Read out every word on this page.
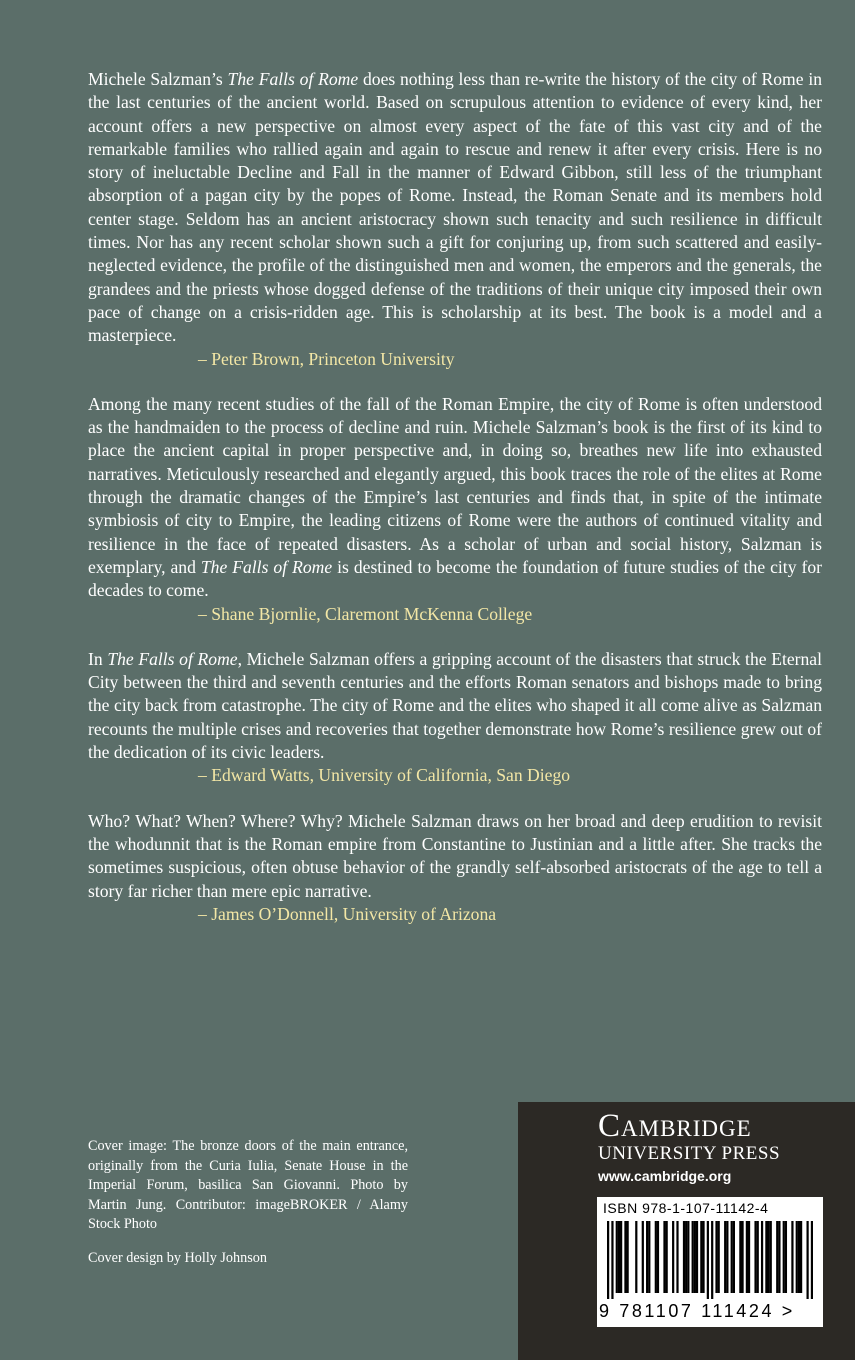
Michele Salzman’s The Falls of Rome does nothing less than re-write the history of the city of Rome in the last centuries of the ancient world. Based on scrupulous attention to evidence of every kind, her account offers a new perspective on almost every aspect of the fate of this vast city and of the remarkable families who rallied again and again to rescue and renew it after every crisis. Here is no story of ineluctable Decline and Fall in the manner of Edward Gibbon, still less of the triumphant absorption of a pagan city by the popes of Rome. Instead, the Roman Senate and its members hold center stage. Seldom has an ancient aristocracy shown such tenacity and such resilience in difficult times. Nor has any recent scholar shown such a gift for conjuring up, from such scattered and easily-neglected evidence, the profile of the distinguished men and women, the emperors and the generals, the grandees and the priests whose dogged defense of the traditions of their unique city imposed their own pace of change on a crisis-ridden age. This is scholarship at its best. The book is a model and a masterpiece.

– Peter Brown, Princeton University

Among the many recent studies of the fall of the Roman Empire, the city of Rome is often understood as the handmaiden to the process of decline and ruin. Michele Salzman’s book is the first of its kind to place the ancient capital in proper perspective and, in doing so, breathes new life into exhausted narratives. Meticulously researched and elegantly argued, this book traces the role of the elites at Rome through the dramatic changes of the Empire’s last centuries and finds that, in spite of the intimate symbiosis of city to Empire, the leading citizens of Rome were the authors of continued vitality and resilience in the face of repeated disasters. As a scholar of urban and social history, Salzman is exemplary, and The Falls of Rome is destined to become the foundation of future studies of the city for decades to come.

– Shane Bjornlie, Claremont McKenna College

In The Falls of Rome, Michele Salzman offers a gripping account of the disasters that struck the Eternal City between the third and seventh centuries and the efforts Roman senators and bishops made to bring the city back from catastrophe. The city of Rome and the elites who shaped it all come alive as Salzman recounts the multiple crises and recoveries that together demonstrate how Rome’s resilience grew out of the dedication of its civic leaders.

– Edward Watts, University of California, San Diego

Who? What? When? Where? Why? Michele Salzman draws on her broad and deep erudition to revisit the whodunnit that is the Roman empire from Constantine to Justinian and a little after. She tracks the sometimes suspicious, often obtuse behavior of the grandly self-absorbed aristocrats of the age to tell a story far richer than mere epic narrative.

– James O’Donnell, University of Arizona

Cover image: The bronze doors of the main entrance, originally from the Curia Iulia, Senate House in the Imperial Forum, basilica San Giovanni. Photo by Martin Jung. Contributor: imageBROKER / Alamy Stock Photo

Cover design by Holly Johnson

Cambridge
UNIVERSITY PRESS
www.cambridge.org
ISBN 978-1-107-11142-4
9 781107 111424 >
